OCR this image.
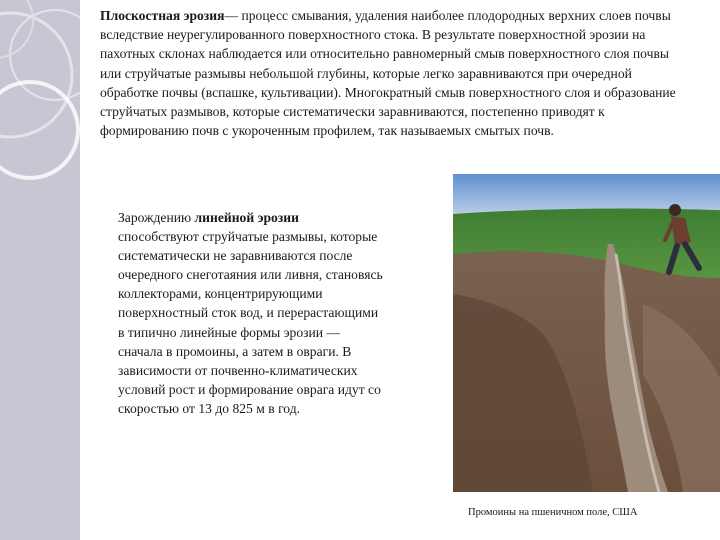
Плоскостная эрозия— процесс смывания, удаления наиболее плодородных верхних слоев почвы вследствие неурегулированного поверхностного стока. В результате поверхностной эрозии на пахотных склонах наблюдается или относительно равномерный смыв поверхностного слоя почвы или струйчатые размывы небольшой глубины, которые легко заравниваются при очередной обработке почвы (вспашке, культивации). Многократный смыв поверхностного слоя и образование струйчатых размывов, которые систематически заравниваются, постепенно приводят к формированию почв с укороченным профилем, так называемых смытых почв.

Зарождению линейной эрозии способствуют струйчатые размывы, которые систематически не заравниваются после очередного снеготаяния или ливня, становясь коллекторами, концентрирующими поверхностный сток вод, и перерастающими в типично линейные формы эрозии — сначала в промоины, а затем в овраги. В зависимости от почвенно-климатических условий рост и формирование оврага идут со скоростью от 13 до 825 м в год.

Промоины на пшеничном поле, США
